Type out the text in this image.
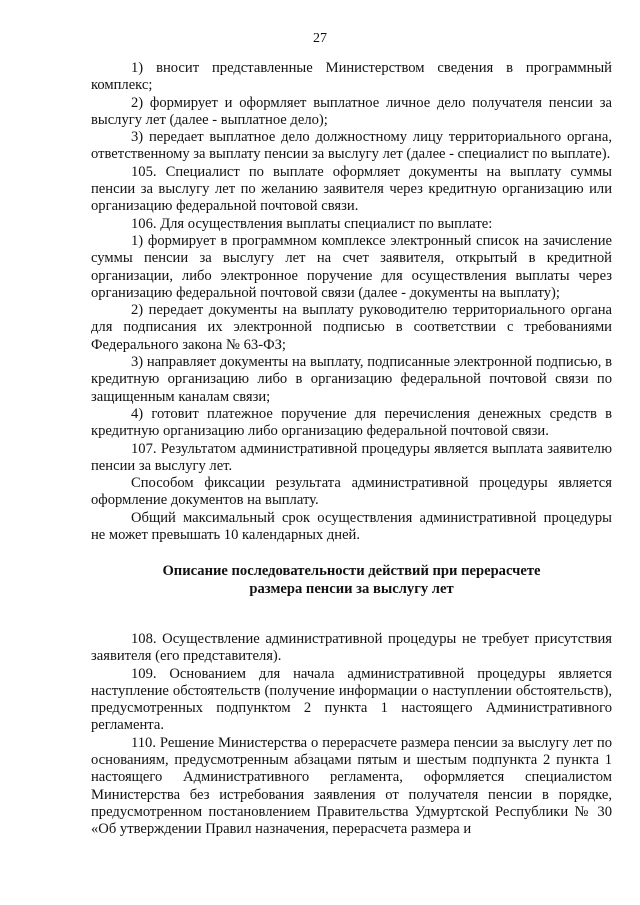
27

1) вносит представленные Министерством сведения в программный комплекс;

2) формирует и оформляет выплатное личное дело получателя пенсии за выслугу лет (далее - выплатное дело);

3) передает выплатное дело должностному лицу территориального органа, ответственному за выплату пенсии за выслугу лет (далее - специалист по выплате).

105. Специалист по выплате оформляет документы на выплату суммы пенсии за выслугу лет по желанию заявителя через кредитную организацию или организацию федеральной почтовой связи.

106. Для осуществления выплаты специалист по выплате:

1) формирует в программном комплексе электронный список на зачисление суммы пенсии за выслугу лет на счет заявителя, открытый в кредитной организации, либо электронное поручение для осуществления выплаты через организацию федеральной почтовой связи (далее - документы на выплату);

2) передает документы на выплату руководителю территориального органа для подписания их электронной подписью в соответствии с требованиями Федерального закона № 63-ФЗ;

3) направляет документы на выплату, подписанные электронной подписью, в кредитную организацию либо в организацию федеральной почтовой связи по защищенным каналам связи;

4) готовит платежное поручение для перечисления денежных средств в кредитную организацию либо организацию федеральной почтовой связи.

107. Результатом административной процедуры является выплата заявителю пенсии за выслугу лет.

Способом фиксации результата административной процедуры является оформление документов на выплату.

Общий максимальный срок осуществления административной процедуры не может превышать 10 календарных дней.

Описание последовательности действий при перерасчете
размера пенсии за выслугу лет

108. Осуществление административной процедуры не требует присутствия заявителя (его представителя).

109. Основанием для начала административной процедуры является наступление обстоятельств (получение информации о наступлении обстоятельств), предусмотренных подпунктом 2 пункта 1 настоящего Административного регламента.

110. Решение Министерства о перерасчете размера пенсии за выслугу лет по основаниям, предусмотренным абзацами пятым и шестым подпункта 2 пункта 1 настоящего Административного регламента, оформляется специалистом Министерства без истребования заявления от получателя пенсии в порядке, предусмотренном постановлением Правительства Удмуртской Республики № 30 «Об утверждении Правил назначения, перерасчета размера и
